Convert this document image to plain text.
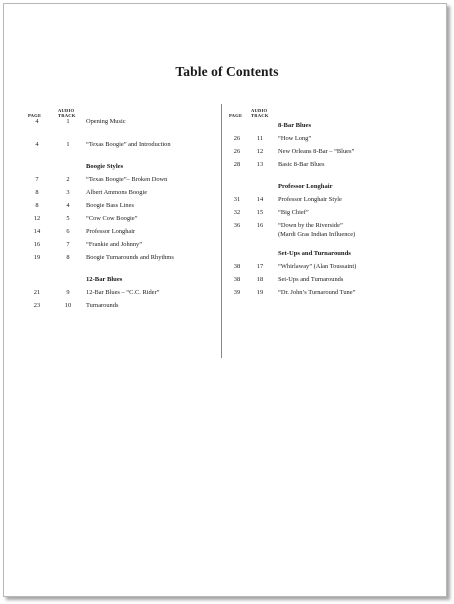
Table of Contents
PAGE
AUDIO
TRACK
4	1	Opening Music
4	1	“Texas Boogie” and Introduction
Boogie Styles
7	2	“Texas Boogie”– Broken Down
8	3	Albert Ammons Boogie
8	4	Boogie Bass Lines
12	5	“Cow Cow Boogie”
14	6	Professor Longhair
16	7	“Frankie and Johnny”
19	8	Boogie Turnarounds and Rhythms
12-Bar Blues
21	9	12-Bar Blues – “C.C. Rider”
23	10	Turnarounds
PAGE
AUDIO
TRACK
8-Bar Blues
26	11	“How Long”
26	12	New Orleans 8-Bar – “Blues”
28	13	Basic 8-Bar Blues
Professor Longhair
31	14	Professor Longhair Style
32	15	“Big Chief”
36	16	“Down by the Riverside”
(Mardi Gras Indian Influence)
Set-Ups and Turnarounds
38	17	“Whirlaway” (Alan Toussaint)
38	18	Set-Ups and Turnarounds
39	19	“Dr. John’s Turnaround Tune”
